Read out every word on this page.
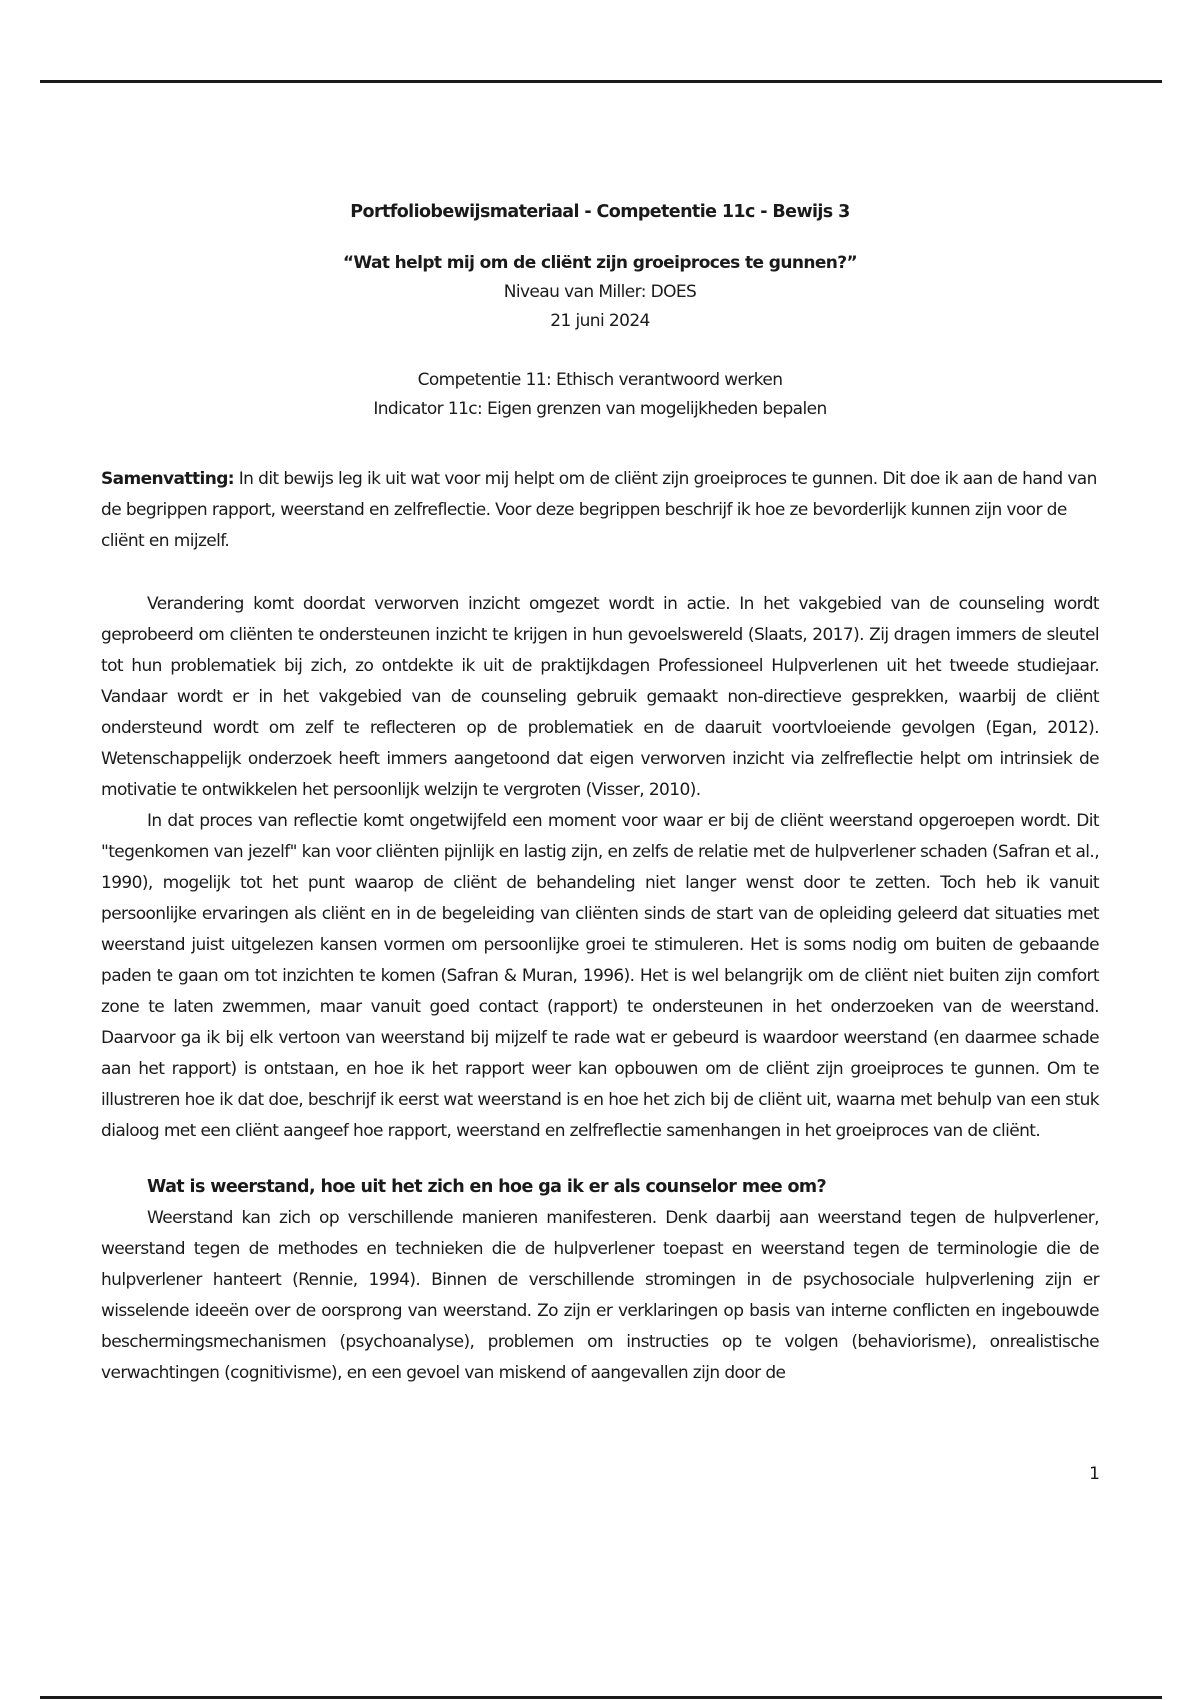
Portfoliobewijsmateriaal - Competentie 11c - Bewijs 3
“Wat helpt mij om de cliënt zijn groeiproces te gunnen?”
Niveau van Miller: DOES
21 juni 2024
Competentie 11: Ethisch verantwoord werken
Indicator 11c: Eigen grenzen van mogelijkheden bepalen

Samenvatting: In dit bewijs leg ik uit wat voor mij helpt om de cliënt zijn groeiproces te gunnen. Dit doe ik aan de hand van de begrippen rapport, weerstand en zelfreflectie. Voor deze begrippen beschrijf ik hoe ze bevorderlijk kunnen zijn voor de cliënt en mijzelf.

Verandering komt doordat verworven inzicht omgezet wordt in actie. In het vakgebied van de counseling wordt geprobeerd om cliënten te ondersteunen inzicht te krijgen in hun gevoelswereld (Slaats, 2017). Zij dragen immers de sleutel tot hun problematiek bij zich, zo ontdekte ik uit de praktijkdagen Professioneel Hulpverlenen uit het tweede studiejaar. Vandaar wordt er in het vakgebied van de counseling gebruik gemaakt non-directieve gesprekken, waarbij de cliënt ondersteund wordt om zelf te reflecteren op de problematiek en de daaruit voortvloeiende gevolgen (Egan, 2012). Wetenschappelijk onderzoek heeft immers aangetoond dat eigen verworven inzicht via zelfreflectie helpt om intrinsiek de motivatie te ontwikkelen het persoonlijk welzijn te vergroten (Visser, 2010).

In dat proces van reflectie komt ongetwijfeld een moment voor waar er bij de cliënt weerstand opgeroepen wordt. Dit "tegenkomen van jezelf" kan voor cliënten pijnlijk en lastig zijn, en zelfs de relatie met de hulpverlener schaden (Safran et al., 1990), mogelijk tot het punt waarop de cliënt de behandeling niet langer wenst door te zetten. Toch heb ik vanuit persoonlijke ervaringen als cliënt en in de begeleiding van cliënten sinds de start van de opleiding geleerd dat situaties met weerstand juist uitgelezen kansen vormen om persoonlijke groei te stimuleren. Het is soms nodig om buiten de gebaande paden te gaan om tot inzichten te komen (Safran & Muran, 1996). Het is wel belangrijk om de cliënt niet buiten zijn comfort zone te laten zwemmen, maar vanuit goed contact (rapport) te ondersteunen in het onderzoeken van de weerstand. Daarvoor ga ik bij elk vertoon van weerstand bij mijzelf te rade wat er gebeurd is waardoor weerstand (en daarmee schade aan het rapport) is ontstaan, en hoe ik het rapport weer kan opbouwen om de cliënt zijn groeiproces te gunnen. Om te illustreren hoe ik dat doe, beschrijf ik eerst wat weerstand is en hoe het zich bij de cliënt uit, waarna met behulp van een stuk dialoog met een cliënt aangeef hoe rapport, weerstand en zelfreflectie samenhangen in het groeiproces van de cliënt.

Wat is weerstand, hoe uit het zich en hoe ga ik er als counselor mee om?

Weerstand kan zich op verschillende manieren manifesteren. Denk daarbij aan weerstand tegen de hulpverlener, weerstand tegen de methodes en technieken die de hulpverlener toepast en weerstand tegen de terminologie die de hulpverlener hanteert (Rennie, 1994). Binnen de verschillende stromingen in de psychosociale hulpverlening zijn er wisselende ideeën over de oorsprong van weerstand. Zo zijn er verklaringen op basis van interne conflicten en ingebouwde beschermingsmechanismen (psychoanalyse), problemen om instructies op te volgen (behaviorisme), onrealistische verwachtingen (cognitivisme), en een gevoel van miskend of aangevallen zijn door de

1
